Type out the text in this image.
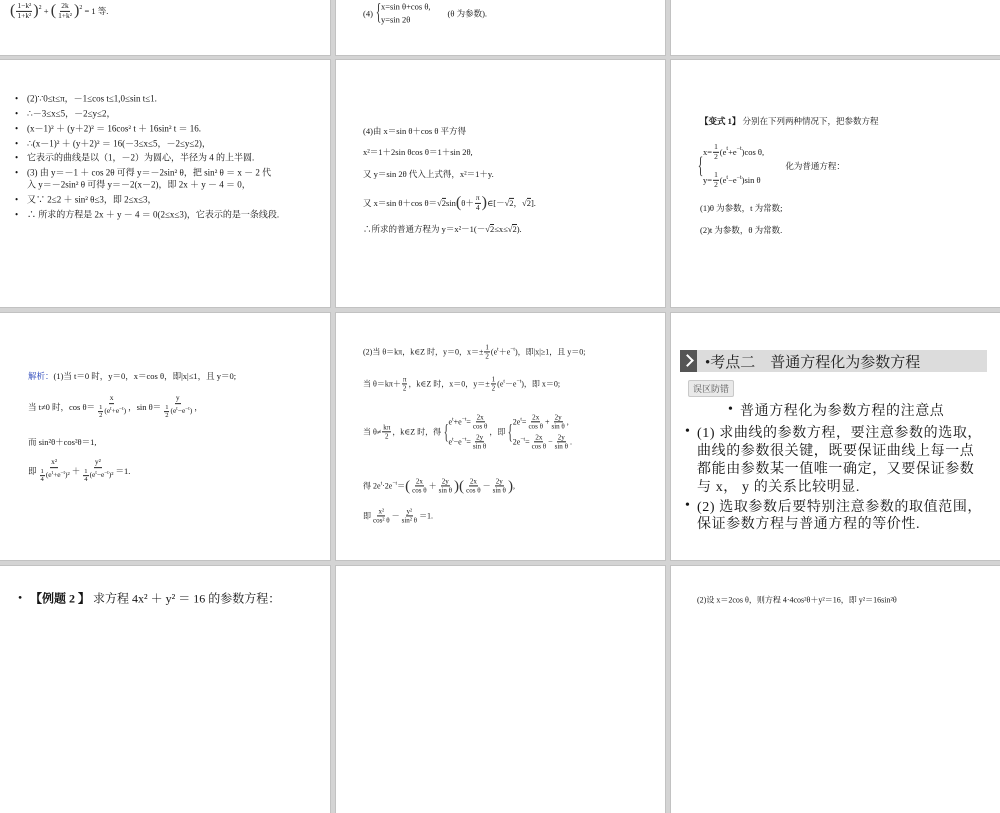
( $\frac{\text{1−k²}}{\text{1+k²}}$ ) 2 + ( $\frac{2k}{\text{1+k²}}$ ) 2 = 1 等.	(4)
{ x=sin θ+cos θ,
y=sin 2θ
(θ 为参数).
• (2)∵0≤t≤π，－1≤cos t≤1,0≤sin t≤1.
• ∴－3≤x≤5，－2≤y≤2，
• (x－1)² ＋ (y＋2)² ＝ 16cos² t ＋ 16sin² t ＝ 16.
• ∴(x－1)² ＋ (y＋2)² ＝ 16(－3≤x≤5，－2≤y≤2)，
• 它表示的曲线是以（1，－2）为圆心，半径为 4 的上半圆.
• (3) 由 y＝－1 ＋ cos 2θ 可得 y＝－2sin² θ，把 sin² θ ＝ x － 2 代
入 y＝－2sin² θ 可得 y＝－2(x－2)，即 2x ＋ y － 4 ＝ 0，
• 又∵ 2≤2 ＋ sin² θ≤3，即 2≤x≤3，
• ∴ 所求的方程是 2x ＋ y － 4 ＝ 0(2≤x≤3)，它表示的是一条线段.
(4)由 x＝sin θ＋cos θ 平方得
x²＝1＋2sin θcos θ＝1＋sin 2θ,
又 y＝sin 2θ 代入上式得，x²＝1＋y.
又 x＝sin θ＋cos θ＝ √ 2 sin ( $\theta+ \frac{\pi}{4}$ ) ∈[－ √ 2 ， √ 2 ].
∴所求的普通方程为 y＝x²－1(－ √ 2 ≤x≤ √ 2 ).
【变式 1】 分别在下列两种情况下，把参数方程
{ $x= \frac{1}{2} (e$ t +e −t )cos θ,
$y= \frac{1}{2} (e$ t −e −t )sin θ
化为普通方程：
(1)θ 为参数，t 为常数;
(2)t 为参数，θ 为常数.
解析： (1)当 t＝0 时，y＝0，x＝cos θ，即|x|≤1，且 y＝0;
当 t≠0 时，$\cos \theta= \frac{x}{\frac{1}{2} (e t +e -t )}$ ，$\sin \theta= \frac{y}{\frac{1}{2} (e t -e -t )}$ ，
而 sin²θ＋cos²θ＝1,
即 $\frac{\text{x²}}{\frac{1}{4} (e t +e -t )^2} + \frac{\text{y²}}{\frac{1}{4} (e t -e -t )^2} =1$.
(2)当 θ＝kπ，k∈Z 时，y＝0，$x=\pm \frac{1}{2} (e$ t ＋e −t )，即|x|≥1，且 y＝0;
当 $\theta=k\pi+ \frac{\pi}{2}$ ，k∈Z 时，x＝0，$y=\pm \frac{1}{2} (e$ t －e −t )，即 x＝0;
当 $\theta\ne \frac{k\pi}{2}$ ，k∈Z 时，得
{ e $t +e -t = \frac{2x}{\text{cos θ}}$
e $t -e -t = \frac{2y}{\text{sin θ}}$
，即
{ 2e $t = \frac{2x}{\text{cos θ}} + \frac{2y}{\text{sin θ}}$ ,
$2e -t = \frac{2x}{\text{cos θ}} - \frac{2y}{\text{sin θ}}$ .
得 2e t ·2e −t ＝ ( $\frac{2x}{\text{cos θ}} + \frac{2y}{\text{sin θ}}$ ) ( $\frac{2x}{\text{cos θ}} - \frac{2y}{\text{sin θ}}$ ) ,
即 $\frac{\text{x²}}{\text{cos² θ}} - \frac{\text{y²}}{\text{sin² θ}} =1$.
•考点二　普通方程化为参数方程
误区防错
• 普通方程化为参数方程的注意点
• (1) 求曲线的参数方程，要注意参数的选取，
曲线的参数很关键，既要保证曲线上每一点
都能由参数某一值唯一确定，又要保证参数
与 x， y 的关系比较明显.
• (2) 选取参数后要特别注意参数的取值范围，
保证参数方程与普通方程的等价性.
• 【例题 2 】 求方程 4x² ＋ y² ＝ 16 的参数方程：	(2)设 x＝2cos θ，则方程 4·4cos²θ＋y²＝16，即 y²＝16sin²θ
